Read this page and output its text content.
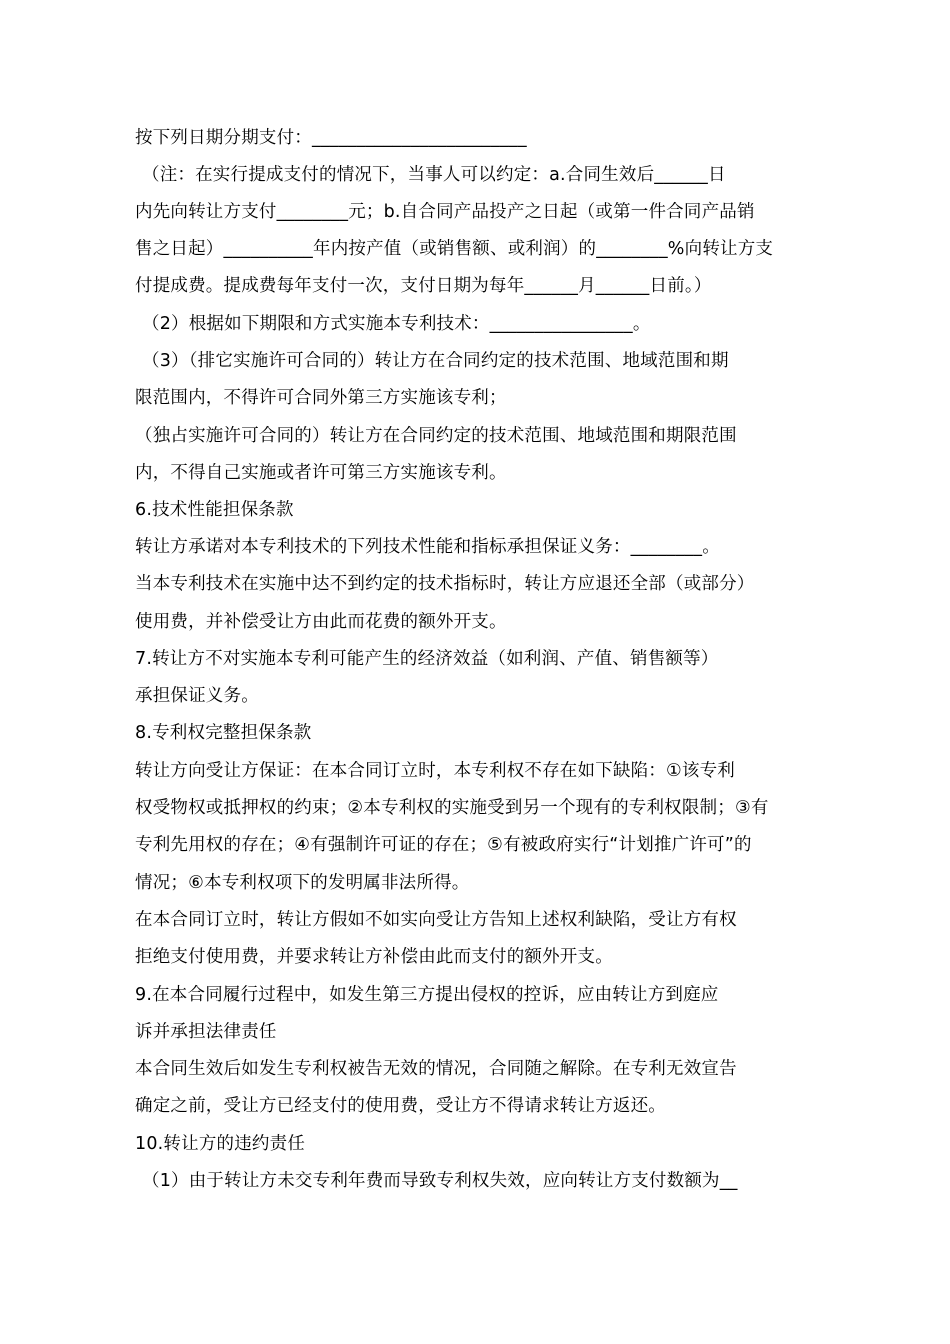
按下列日期分期支付：________________________
（注：在实行提成支付的情况下，当事人可以约定：a.合同生效后______日
内先向转让方支付________元；b.自合同产品投产之日起（或第一件合同产品销
售之日起）__________年内按产值（或销售额、或利润）的________%向转让方支
付提成费。提成费每年支付一次，支付日期为每年______月______日前。）
（2）根据如下期限和方式实施本专利技术：________________。
（3）（排它实施许可合同的）转让方在合同约定的技术范围、地域范围和期
限范围内，不得许可合同外第三方实施该专利；
（独占实施许可合同的）转让方在合同约定的技术范围、地域范围和期限范围
内，不得自己实施或者许可第三方实施该专利。
6.技术性能担保条款
转让方承诺对本专利技术的下列技术性能和指标承担保证义务：________。
当本专利技术在实施中达不到约定的技术指标时，转让方应退还全部（或部分）
使用费，并补偿受让方由此而花费的额外开支。
7.转让方不对实施本专利可能产生的经济效益（如利润、产值、销售额等）
承担保证义务。
8.专利权完整担保条款
转让方向受让方保证：在本合同订立时，本专利权不存在如下缺陷：①该专利
权受物权或抵押权的约束；②本专利权的实施受到另一个现有的专利权限制；③有
专利先用权的存在；④有强制许可证的存在；⑤有被政府实行“计划推广许可”的
情况；⑥本专利权项下的发明属非法所得。
在本合同订立时，转让方假如不如实向受让方告知上述权利缺陷，受让方有权
拒绝支付使用费，并要求转让方补偿由此而支付的额外开支。
9.在本合同履行过程中，如发生第三方提出侵权的控诉，应由转让方到庭应
诉并承担法律责任
本合同生效后如发生专利权被告无效的情况，合同随之解除。在专利无效宣告
确定之前，受让方已经支付的使用费，受让方不得请求转让方返还。
10.转让方的违约责任
（1）由于转让方未交专利年费而导致专利权失效，应向转让方支付数额为__
